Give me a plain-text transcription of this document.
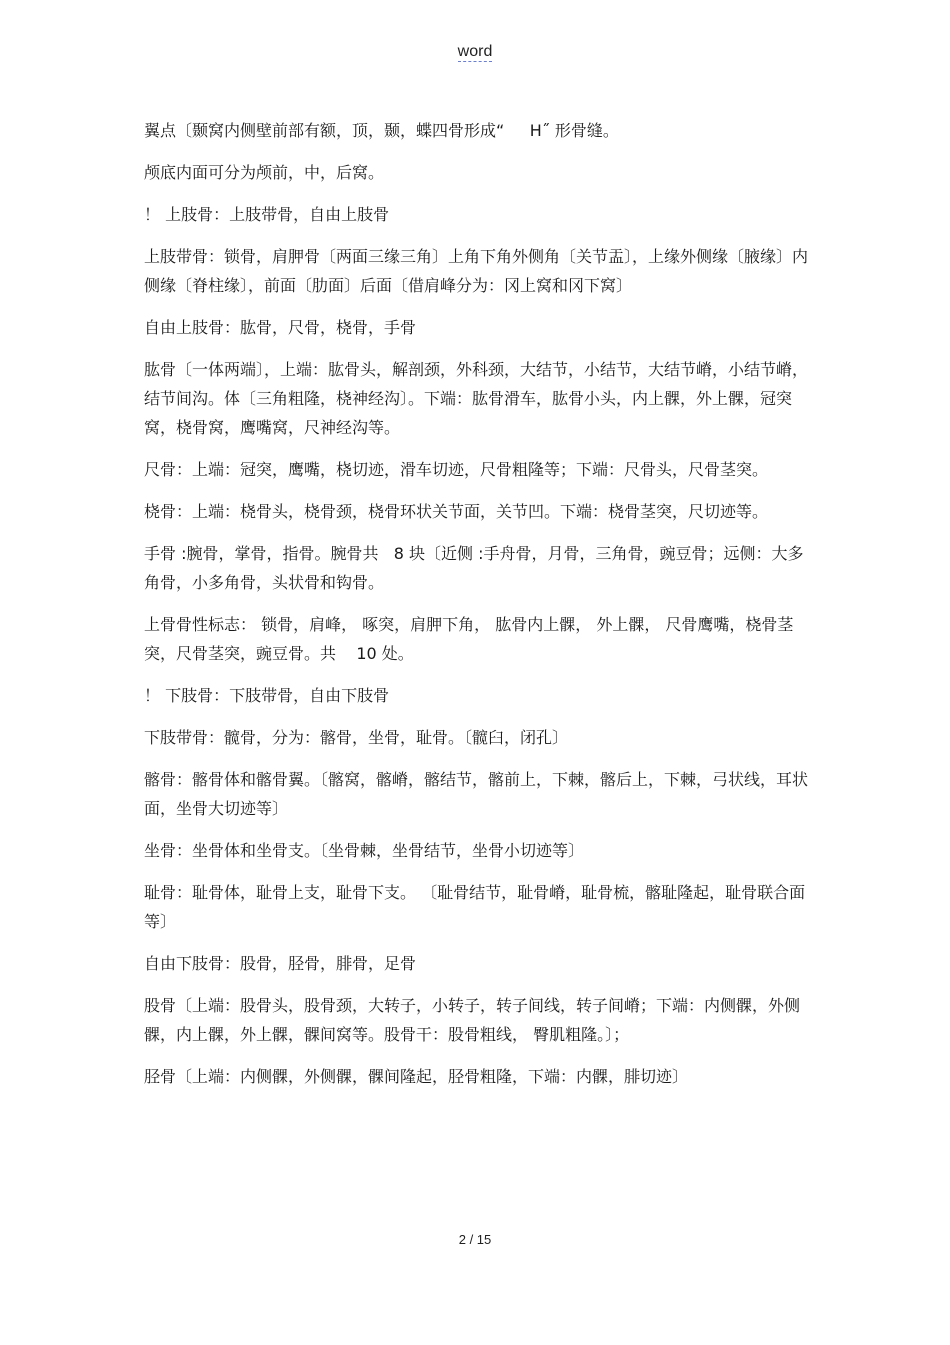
word

翼点〔颞窝内侧壁前部有额，顶，颞，蝶四骨形成“     H˝ 形骨缝。

颅底内面可分为颅前，中，后窝。

！ 上肢骨：上肢带骨，自由上肢骨

上肢带骨：锁骨，肩胛骨〔两面三缘三角〕上角下角外侧角〔关节盂〕，上缘外侧缘〔腋缘〕内侧缘〔脊柱缘〕，前面〔肋面〕后面〔借肩峰分为：冈上窝和冈下窝〕

自由上肢骨：肱骨，尺骨，桡骨，手骨

肱骨〔一体两端〕，上端：肱骨头，解剖颈，外科颈，大结节，小结节，大结节嵴，小结节嵴，结节间沟。体〔三角粗隆，桡神经沟〕。下端：肱骨滑车，肱骨小头，内上髁，外上髁，冠突窝，桡骨窝，鹰嘴窝，尺神经沟等。

尺骨：上端：冠突，鹰嘴，桡切迹，滑车切迹，尺骨粗隆等；下端：尺骨头，尺骨茎突。

桡骨：上端：桡骨头，桡骨颈，桡骨环状关节面，关节凹。下端：桡骨茎突，尺切迹等。

手骨 :腕骨，掌骨，指骨。腕骨共   8 块〔近侧 :手舟骨，月骨，三角骨，豌豆骨；远侧：大多角骨，小多角骨，头状骨和钩骨。

上骨骨性标志： 锁骨，肩峰， 啄突，肩胛下角， 肱骨内上髁， 外上髁， 尺骨鹰嘴，桡骨茎突，尺骨茎突，豌豆骨。共    10 处。

！ 下肢骨：下肢带骨，自由下肢骨

下肢带骨：髋骨，分为：髂骨，坐骨，耻骨。〔髋臼，闭孔〕

髂骨：髂骨体和髂骨翼。〔髂窝，髂嵴，髂结节，髂前上，下棘，髂后上，下棘，弓状线，耳状面，坐骨大切迹等〕

坐骨：坐骨体和坐骨支。〔坐骨棘，坐骨结节，坐骨小切迹等〕

耻骨：耻骨体，耻骨上支，耻骨下支。 〔耻骨结节，耻骨嵴，耻骨梳，髂耻隆起，耻骨联合面等〕

自由下肢骨：股骨，胫骨，腓骨，足骨

股骨〔上端：股骨头，股骨颈，大转子，小转子，转子间线，转子间嵴；下端：内侧髁，外侧髁，内上髁，外上髁，髁间窝等。股骨干：股骨粗线， 臀肌粗隆。〕；

胫骨〔上端：内侧髁，外侧髁，髁间隆起，胫骨粗隆，下端：内髁，腓切迹〕

2 / 15
